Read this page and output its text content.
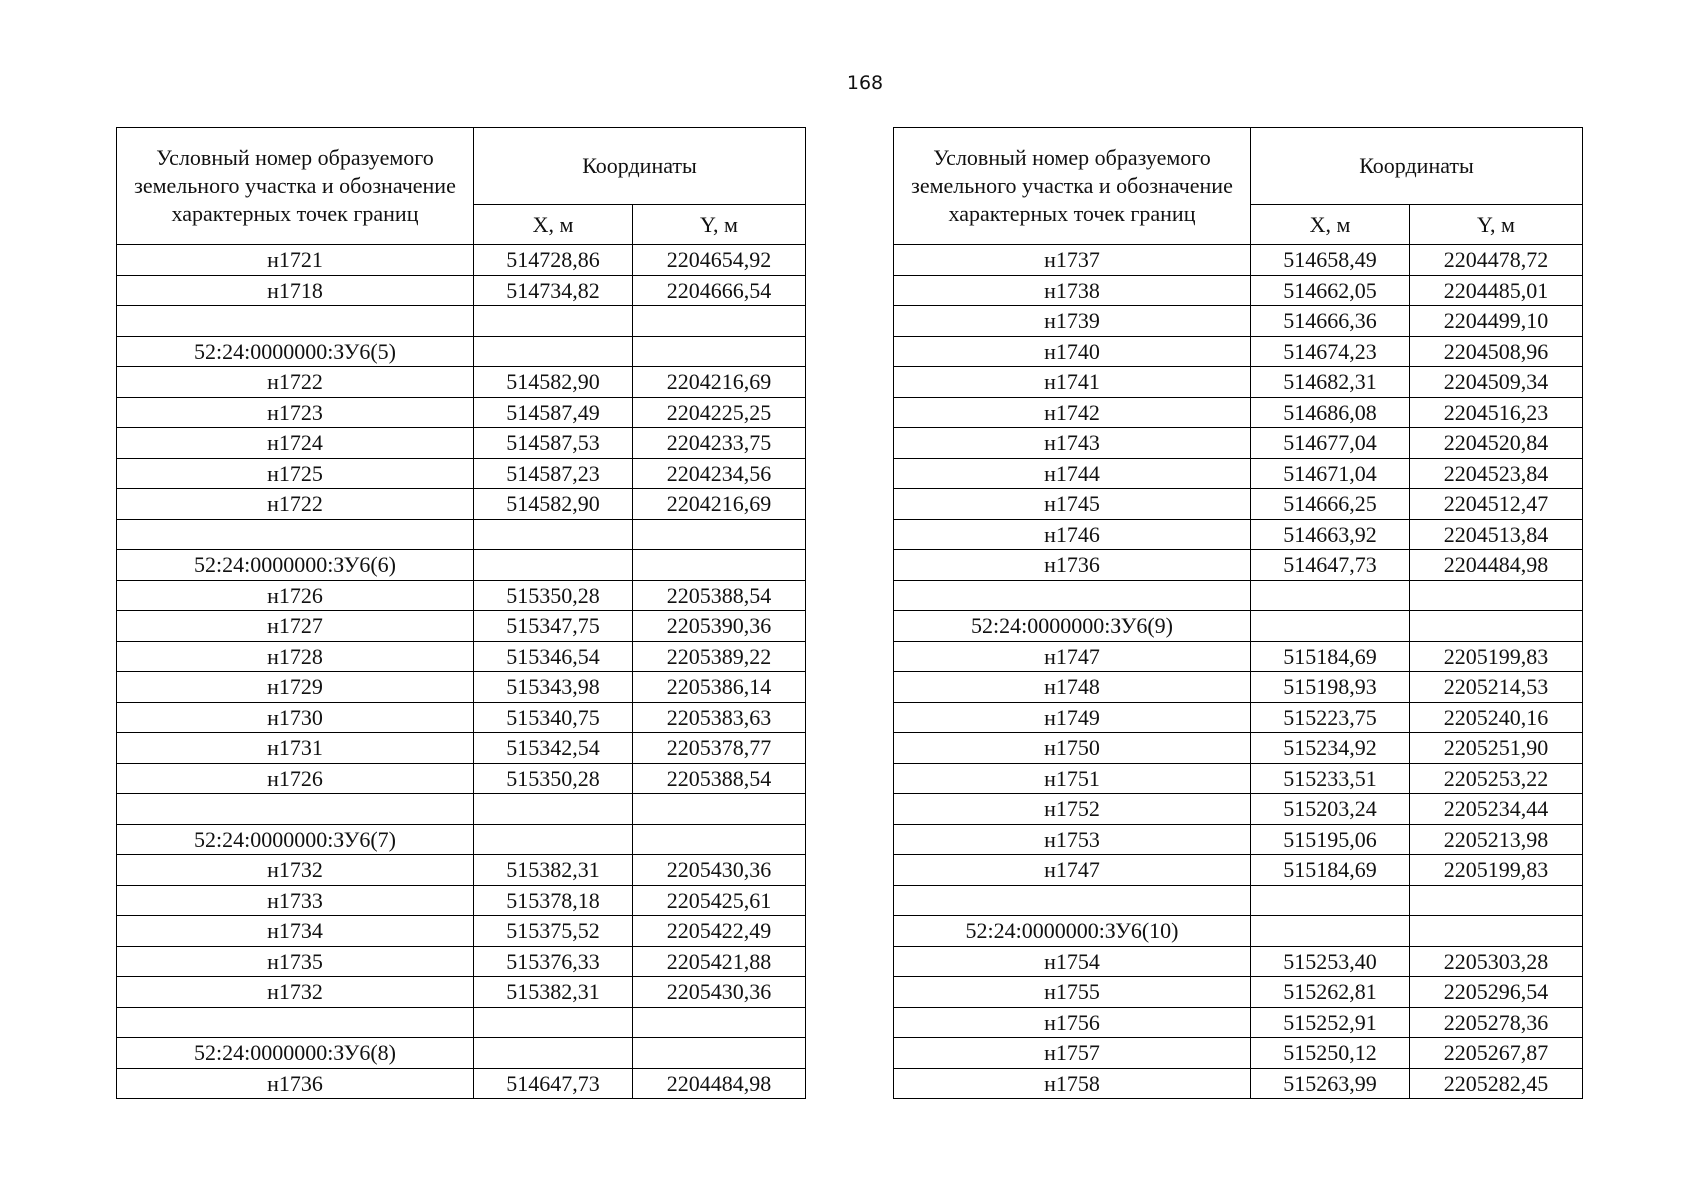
168
Условный номер образуемого земельного участка и обозначение характерных точек границ	Координаты	
	X, м	Y, м
н1721	514728,86	2204654,92
н1718	514734,82	2204666,54

52:24:0000000:ЗУ6(5)		
н1722	514582,90	2204216,69
н1723	514587,49	2204225,25
н1724	514587,53	2204233,75
н1725	514587,23	2204234,56
н1722	514582,90	2204216,69

52:24:0000000:ЗУ6(6)		
н1726	515350,28	2205388,54
н1727	515347,75	2205390,36
н1728	515346,54	2205389,22
н1729	515343,98	2205386,14
н1730	515340,75	2205383,63
н1731	515342,54	2205378,77
н1726	515350,28	2205388,54

52:24:0000000:ЗУ6(7)		
н1732	515382,31	2205430,36
н1733	515378,18	2205425,61
н1734	515375,52	2205422,49
н1735	515376,33	2205421,88
н1732	515382,31	2205430,36

52:24:0000000:ЗУ6(8)		
н1736	514647,73	2204484,98
Условный номер образуемого земельного участка и обозначение характерных точек границ	Координаты	
	X, м	Y, м
н1737	514658,49	2204478,72
н1738	514662,05	2204485,01
н1739	514666,36	2204499,10
н1740	514674,23	2204508,96
н1741	514682,31	2204509,34
н1742	514686,08	2204516,23
н1743	514677,04	2204520,84
н1744	514671,04	2204523,84
н1745	514666,25	2204512,47
н1746	514663,92	2204513,84
н1736	514647,73	2204484,98

52:24:0000000:ЗУ6(9)		
н1747	515184,69	2205199,83
н1748	515198,93	2205214,53
н1749	515223,75	2205240,16
н1750	515234,92	2205251,90
н1751	515233,51	2205253,22
н1752	515203,24	2205234,44
н1753	515195,06	2205213,98
н1747	515184,69	2205199,83

52:24:0000000:ЗУ6(10)		
н1754	515253,40	2205303,28
н1755	515262,81	2205296,54
н1756	515252,91	2205278,36
н1757	515250,12	2205267,87
н1758	515263,99	2205282,45
